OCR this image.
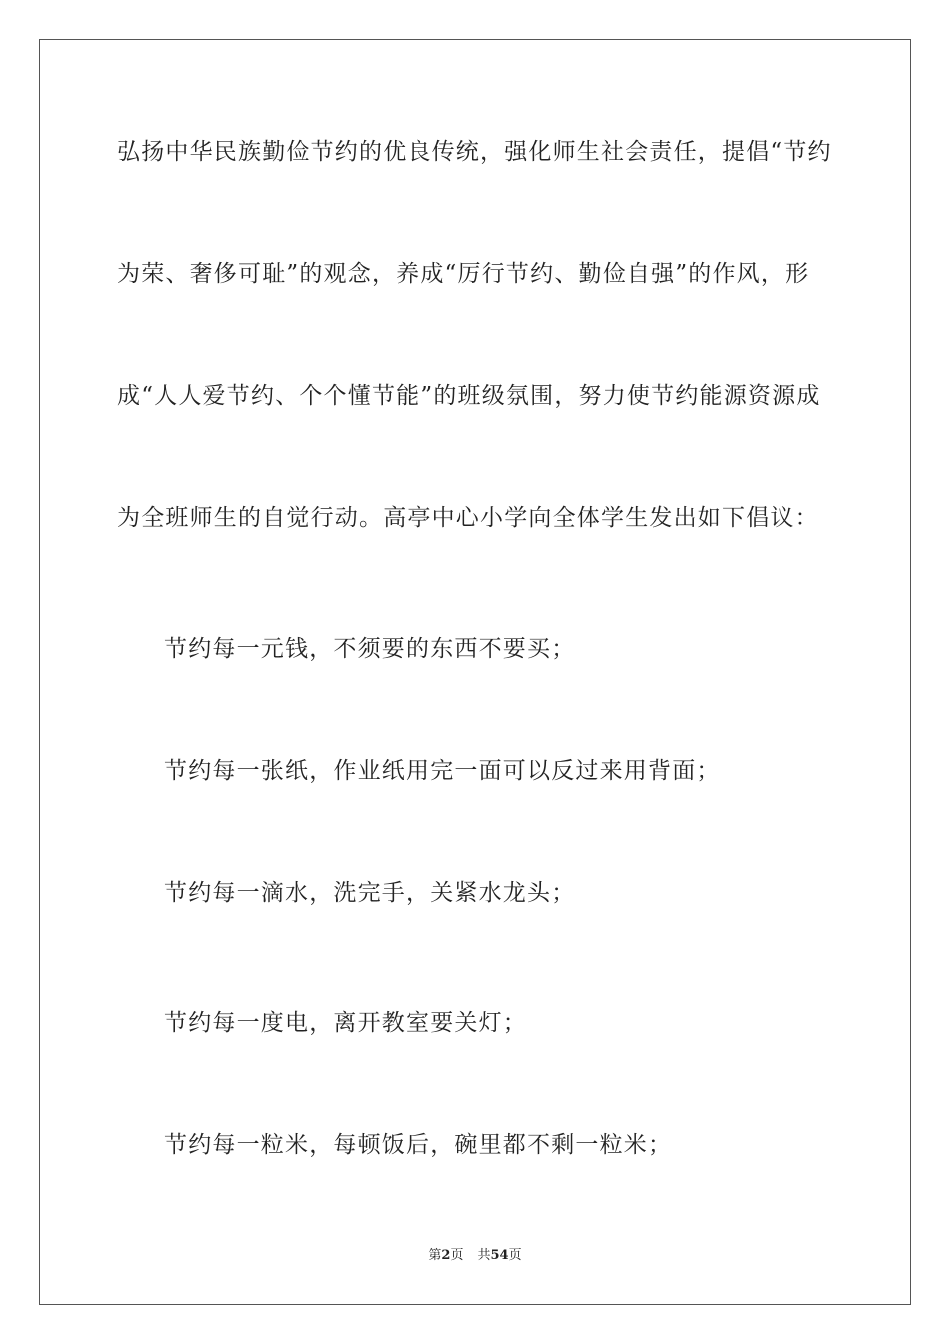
弘扬中华民族勤俭节约的优良传统，强化师生社会责任，提倡“节约
为荣、奢侈可耻”的观念，养成“厉行节约、勤俭自强”的作风，形
成“人人爱节约、个个懂节能”的班级氛围，努力使节约能源资源成
为全班师生的自觉行动。高亭中心小学向全体学生发出如下倡议：
节约每一元钱，不须要的东西不要买；
节约每一张纸，作业纸用完一面可以反过来用背面；
节约每一滴水，洗完手，关紧水龙头；
节约每一度电，离开教室要关灯；
节约每一粒米，每顿饭后，碗里都不剩一粒米；
第2页 共54页
